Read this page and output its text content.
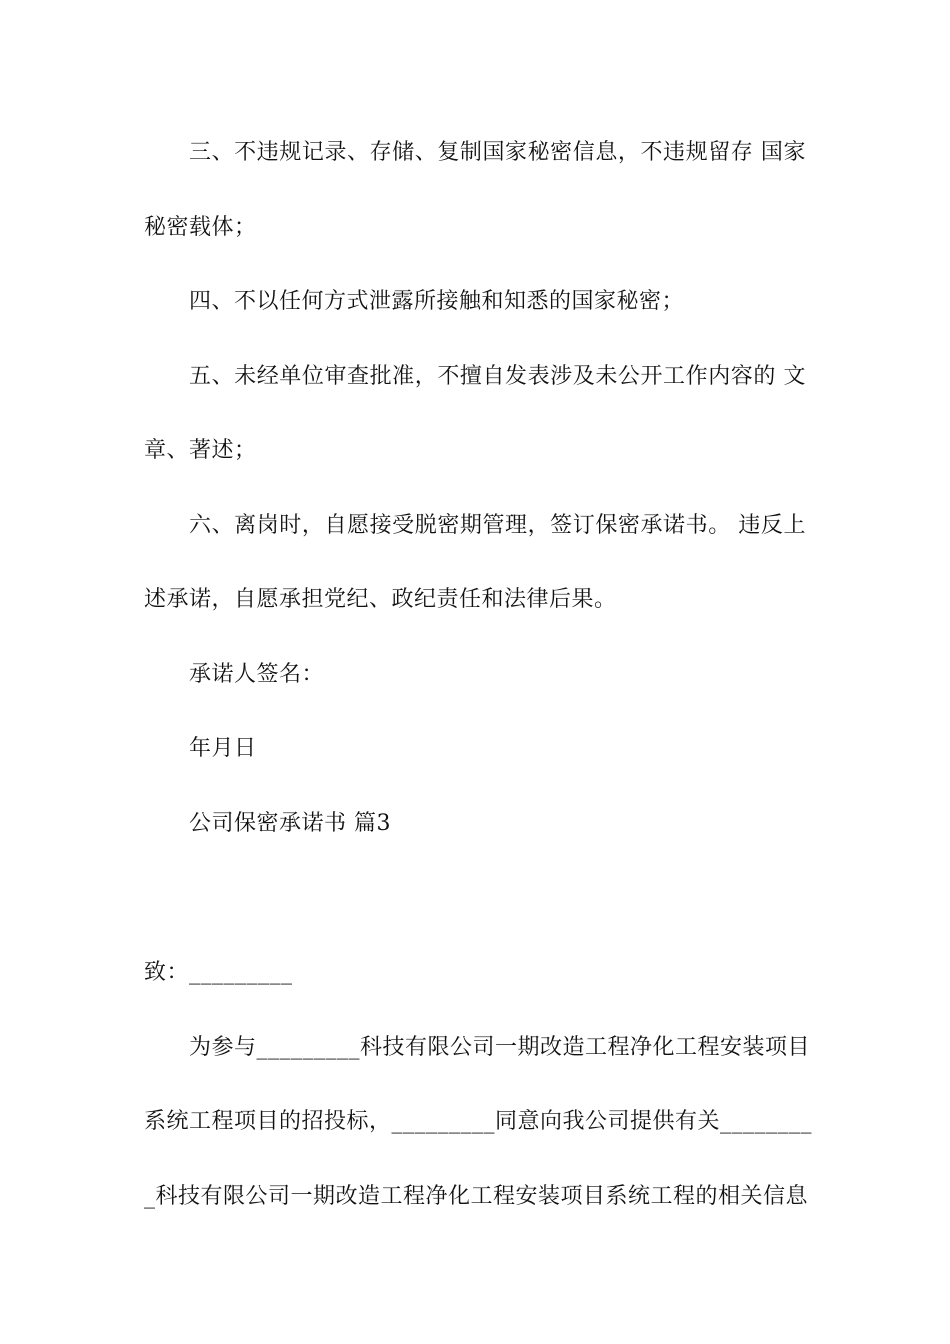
三、不违规记录、存储、复制国家秘密信息，不违规留存 国家
秘密载体；
四、不以任何方式泄露所接触和知悉的国家秘密；
五、未经单位审查批准，不擅自发表涉及未公开工作内容的 文
章、著述；
六、离岗时，自愿接受脱密期管理，签订保密承诺书。 违反上
述承诺，自愿承担党纪、政纪责任和法律后果。
承诺人签名：
年月日
公司保密承诺书 篇3
致：_________
为参与_________科技有限公司一期改造工程净化工程安装项目
系统工程项目的招投标，_________同意向我公司提供有关________
_科技有限公司一期改造工程净化工程安装项目系统工程的相关信息
